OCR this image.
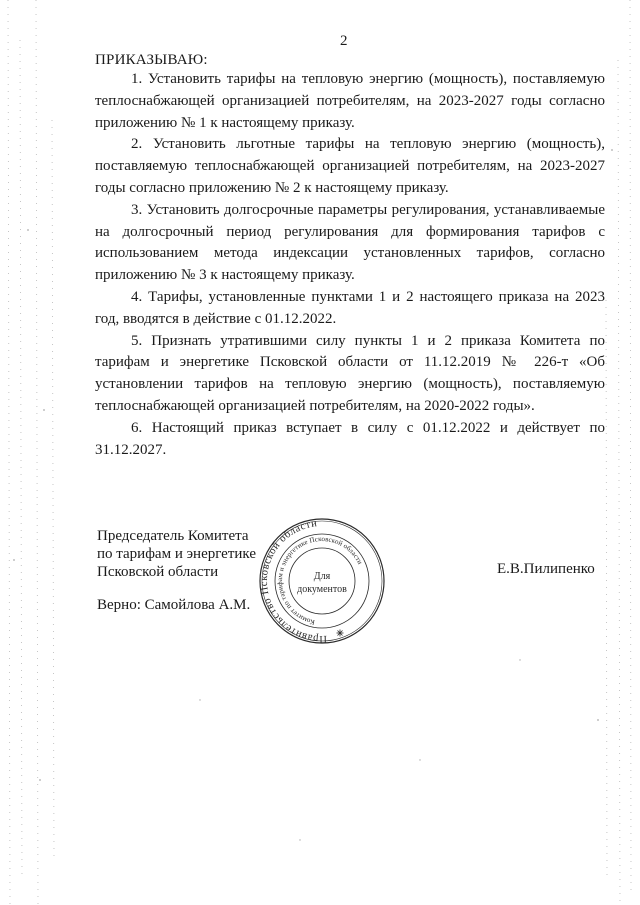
2
ПРИКАЗЫВАЮ:

1. Установить тарифы на тепловую энергию (мощность), поставляемую теплоснабжающей организацией потребителям, на 2023-2027 годы согласно приложению № 1 к настоящему приказу.

2. Установить льготные тарифы на тепловую энергию (мощность), поставляемую теплоснабжающей организацией потребителям, на 2023-2027 годы согласно приложению № 2 к настоящему приказу.

3. Установить долгосрочные параметры регулирования, устанавливаемые на долгосрочный период регулирования для формирования тарифов с использованием метода индексации установленных тарифов, согласно приложению № 3 к настоящему приказу.

4. Тарифы, установленные пунктами 1 и 2 настоящего приказа на 2023 год, вводятся в действие с 01.12.2022.

5. Признать утратившими силу пункты 1 и 2 приказа Комитета по тарифам и энергетике Псковской области от 11.12.2019 № 226-т «Об установлении тарифов на тепловую энергию (мощность), поставляемую теплоснабжающей организацией потребителям, на 2020-2022 годы».

6. Настоящий приказ вступает в силу с 01.12.2022 и действует по 31.12.2027.

Председатель Комитета
по тарифам и энергетике
Псковской области
Верно: Самойлова А.М.
Е.В.Пилипенко
Правительство Псковской области
Комитет по тарифам и энергетике Псковской области
Для
документов
